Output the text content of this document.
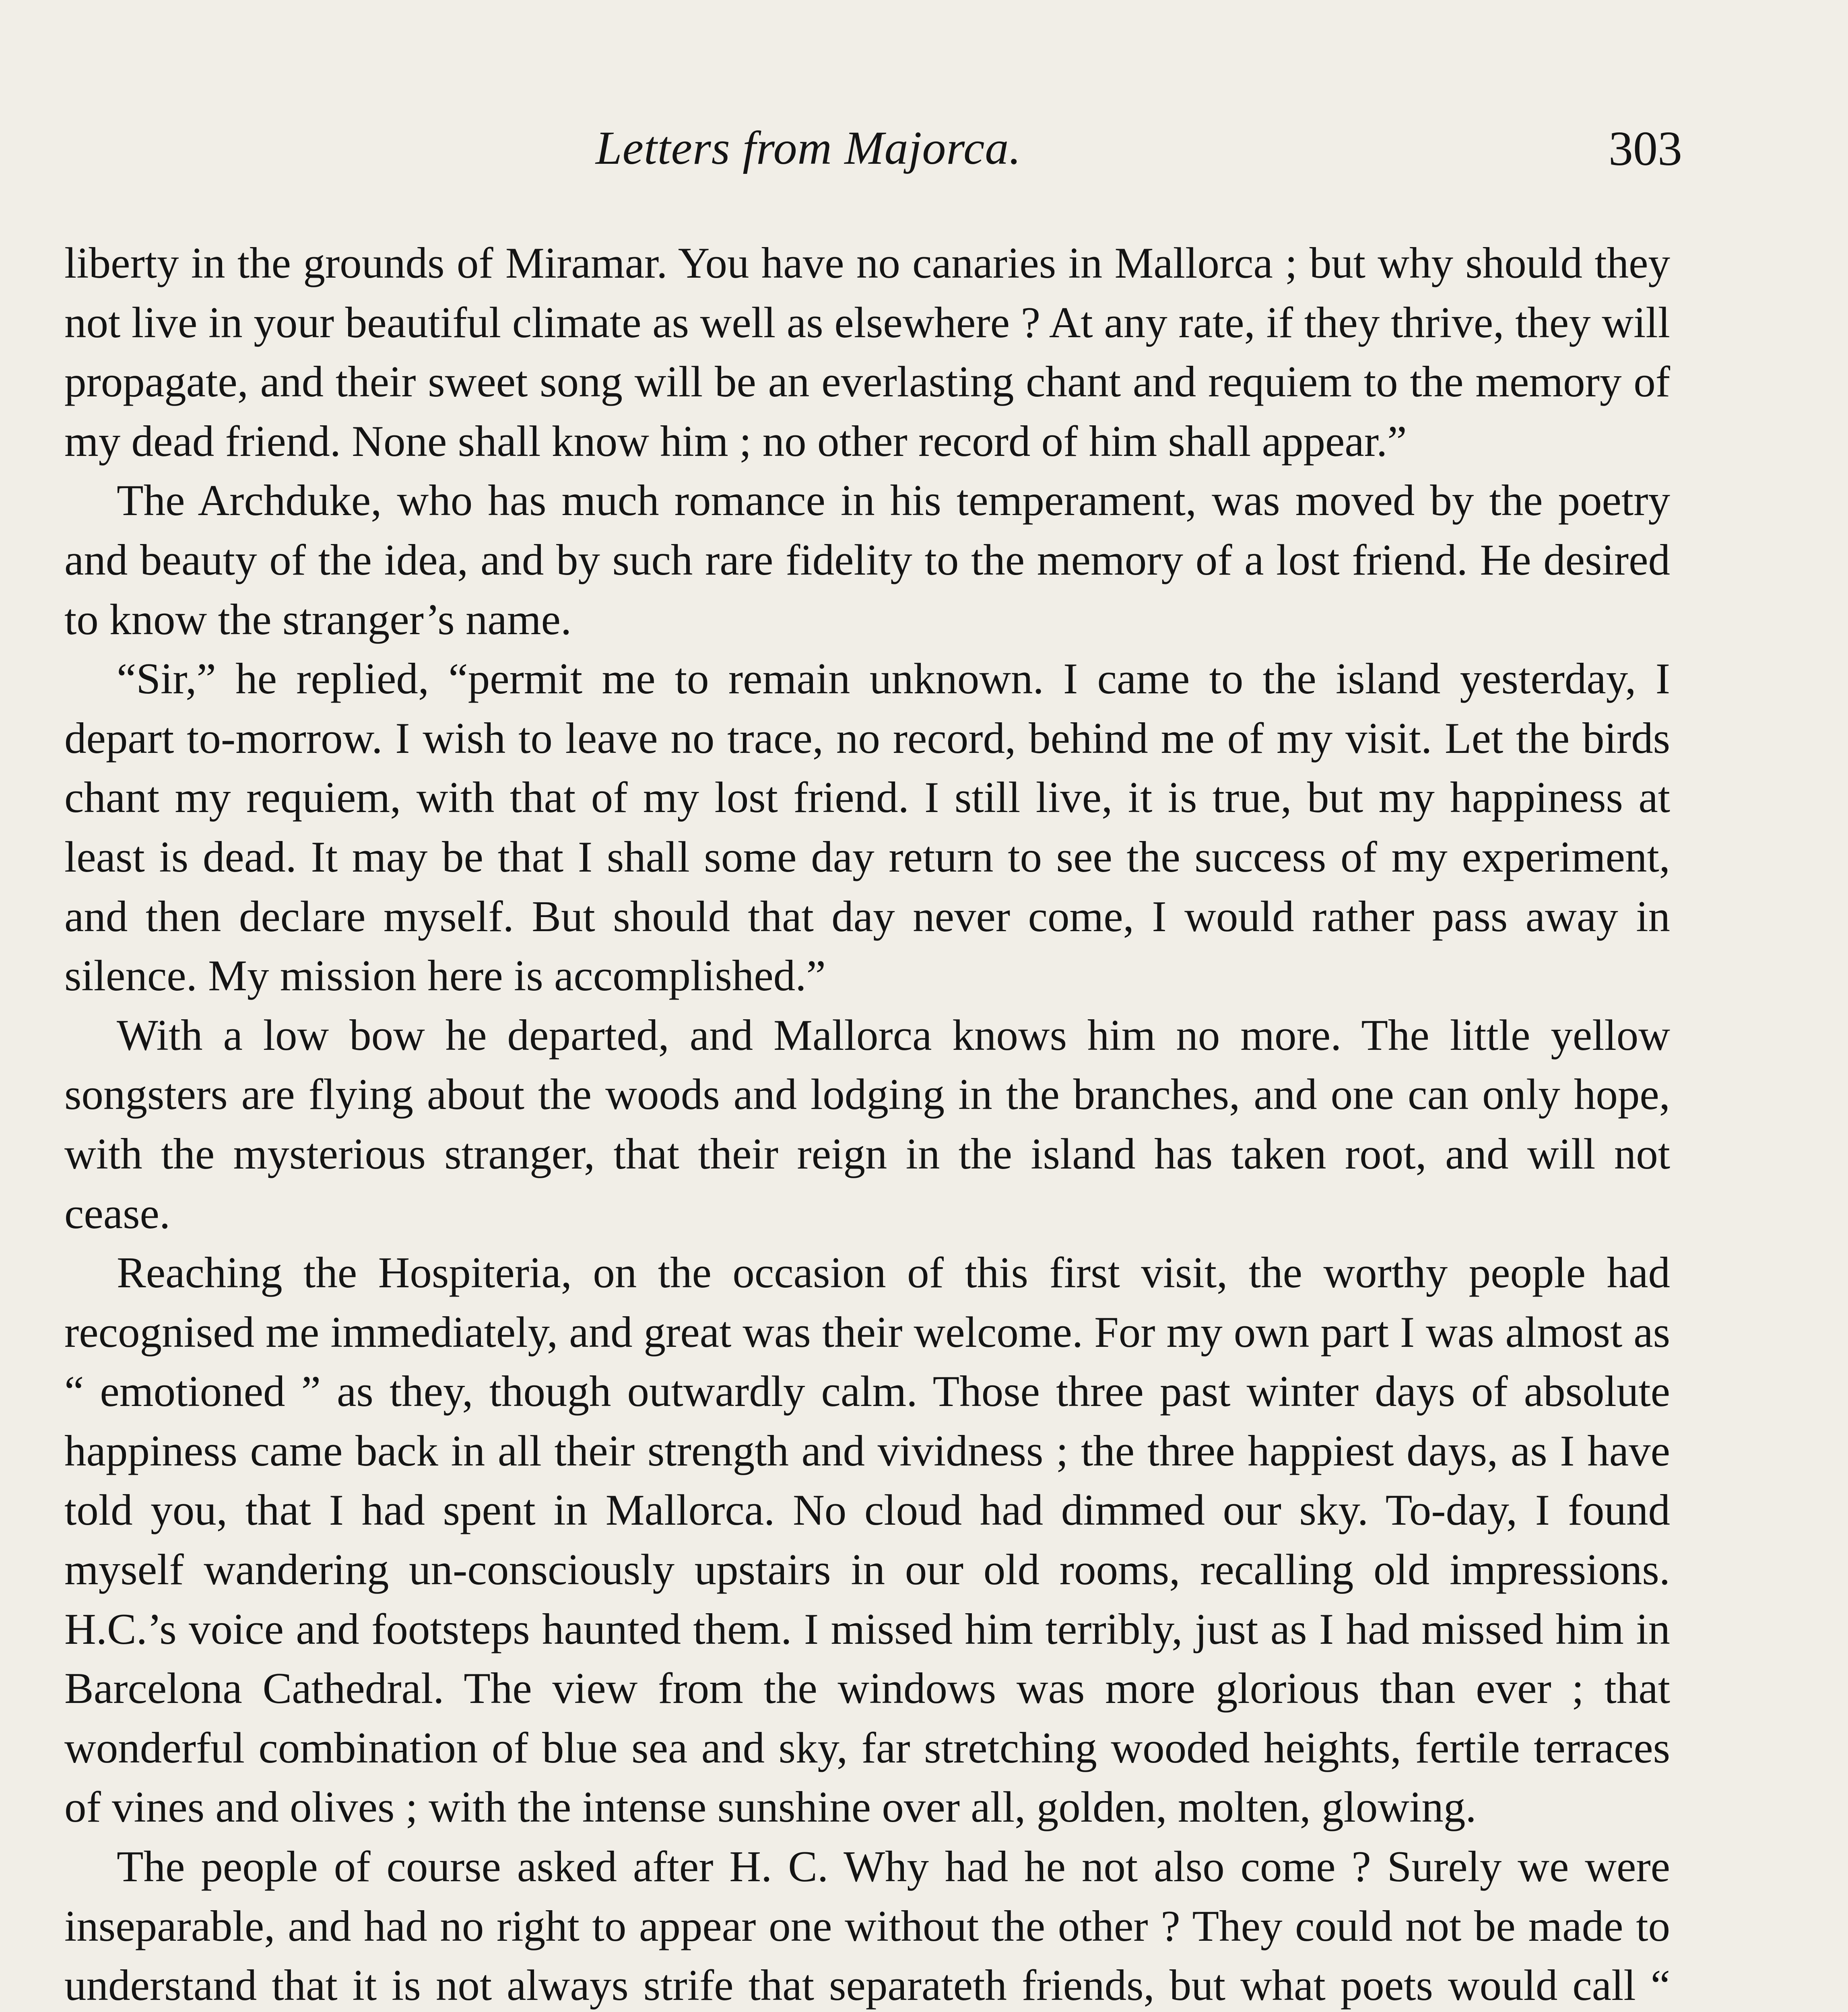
Letters from Majorca.	303

liberty in the grounds of Miramar. You have no canaries in Mallorca ; but why should they not live in your beautiful climate as well as elsewhere ? At any rate, if they thrive, they will propagate, and their sweet song will be an everlasting chant and requiem to the memory of my dead friend. None shall know him ; no other record of him shall appear.”

The Archduke, who has much romance in his temperament, was moved by the poetry and beauty of the idea, and by such rare fidelity to the memory of a lost friend. He desired to know the stranger’s name.

“Sir,” he replied, “permit me to remain unknown. I came to the island yesterday, I depart to-morrow. I wish to leave no trace, no record, behind me of my visit. Let the birds chant my requiem, with that of my lost friend. I still live, it is true, but my happiness at least is dead. It may be that I shall some day return to see the success of my experiment, and then declare myself. But should that day never come, I would rather pass away in silence. My mission here is accomplished.”

With a low bow he departed, and Mallorca knows him no more. The little yellow songsters are flying about the woods and lodging in the branches, and one can only hope, with the mysterious stranger, that their reign in the island has taken root, and will not cease.

Reaching the Hospiteria, on the occasion of this first visit, the worthy people had recognised me immediately, and great was their welcome. For my own part I was almost as “ emotioned ” as they, though outwardly calm. Those three past winter days of absolute happiness came back in all their strength and vividness ; the three happiest days, as I have told you, that I had spent in Mallorca. No cloud had dimmed our sky. To-day, I found myself wandering un-consciously upstairs in our old rooms, recalling old impressions. H.C.’s voice and footsteps haunted them. I missed him terribly, just as I had missed him in Barcelona Cathedral. The view from the windows was more glorious than ever ; that wonderful combination of blue sea and sky, far stretching wooded heights, fertile terraces of vines and olives ; with the intense sunshine over all, golden, molten, glowing.

The people of course asked after H. C. Why had he not also come ? Surely we were inseparable, and had no right to appear one without the other ? They could not be made to understand that it is not always strife that separateth friends, but what poets would call “
